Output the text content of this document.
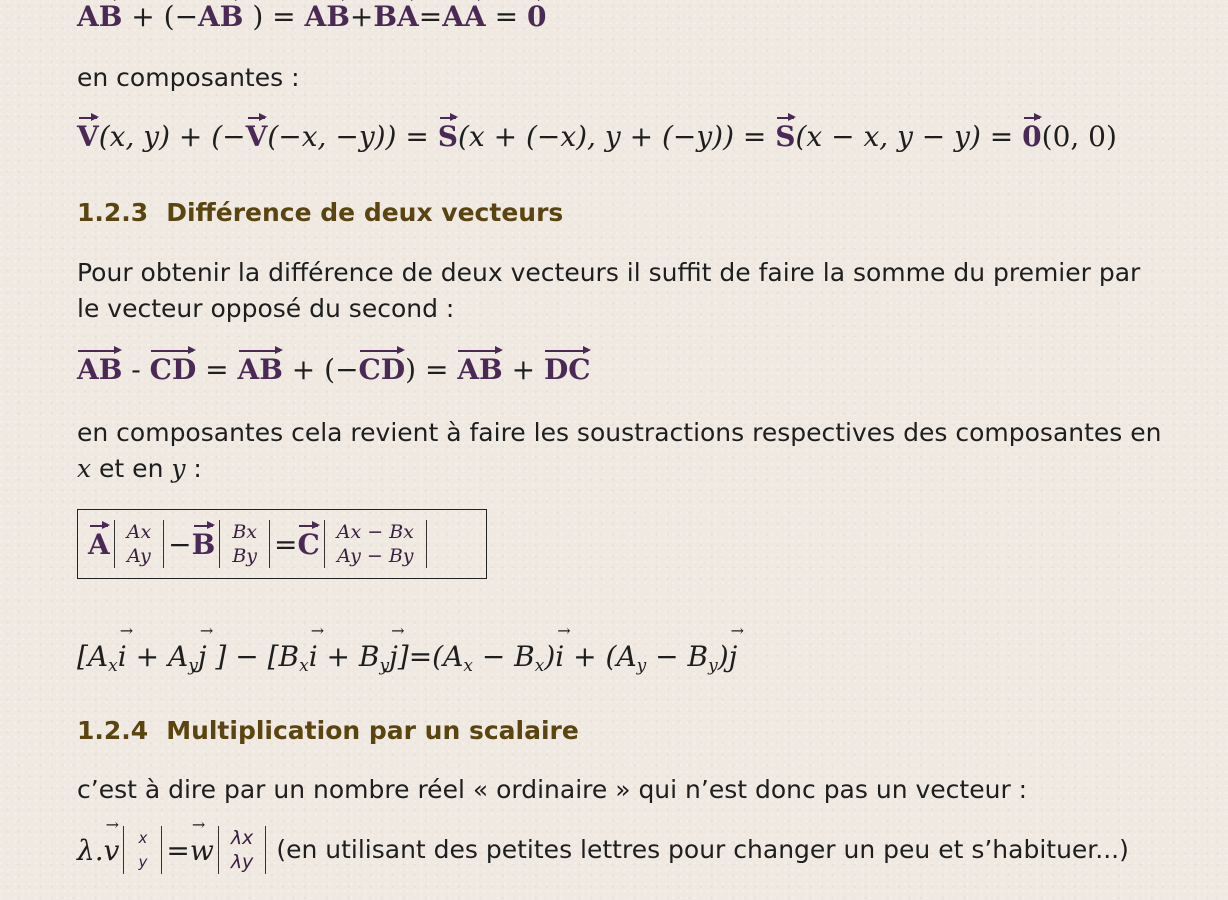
AB + (−AB ) = AB+BA=AA = 0
en composantes :
V(x, y) + (−V(−x, −y)) = S(x + (−x), y + (−y)) = S(x − x, y − y) = 0(0, 0)
1.2.3 Différence de deux vecteurs
Pour obtenir la différence de deux vecteurs il suffit de faire la somme du premier par
le vecteur opposé du second :
AB - CD = AB + (−CD) = AB + DC
en composantes cela revient à faire les soustractions respectives des composantes en
x et en y :
A Ax
Ay − B Bx
By = C Ax − Bx
Ay − By
[$A_xi$ → + $A_yj$ → ] − [$B_xi$ → + $B_yj \to]=(A_x - B_x)i$ → + $(A_y - B_y)j$ →
1.2.4 Multiplication par un scalaire
c’est à dire par un nombre réel « ordinaire » qui n’est donc pas un vecteur :
λ. v → x
y = w → λx
λy (en utilisant des petites lettres pour changer un peu et s’habituer...)
